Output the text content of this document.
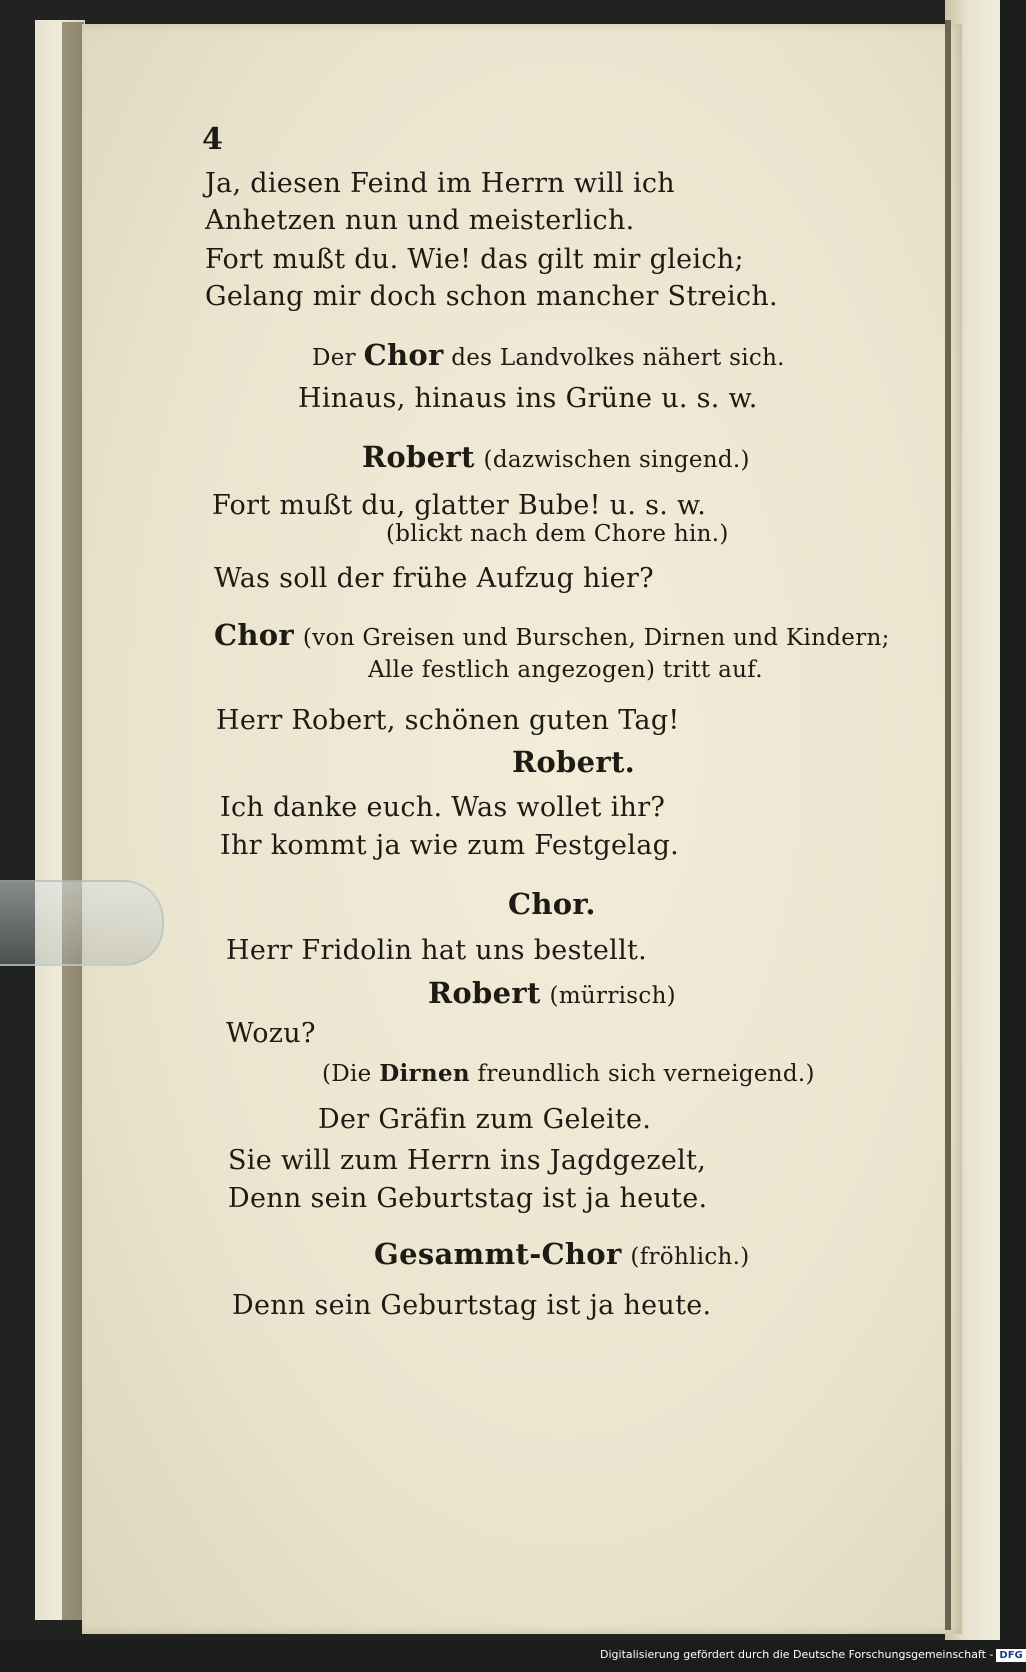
4
Ja, diesen Feind im Herrn will ich
Anhetzen nun und meisterlich.
Fort mußt du. Wie! das gilt mir gleich;
Gelang mir doch schon mancher Streich.
Der Chor des Landvolkes nähert sich.
Hinaus, hinaus ins Grüne u. s. w.
Robert (dazwischen singend.)
Fort mußt du, glatter Bube! u. s. w.
(blickt nach dem Chore hin.)
Was soll der frühe Aufzug hier?
Chor (von Greisen und Burschen, Dirnen und Kindern;
Alle festlich angezogen) tritt auf.
Herr Robert, schönen guten Tag!
Robert.
Ich danke euch. Was wollet ihr?
Ihr kommt ja wie zum Festgelag.
Chor.
Herr Fridolin hat uns bestellt.
Robert (mürrisch)
Wozu?
(Die Dirnen freundlich sich verneigend.)
Der Gräfin zum Geleite.
Sie will zum Herrn ins Jagdgezelt,
Denn sein Geburtstag ist ja heute.
Gesammt-Chor (fröhlich.)
Denn sein Geburtstag ist ja heute.
Digitalisierung gefördert durch die Deutsche Forschungsgemeinschaft - DFG
